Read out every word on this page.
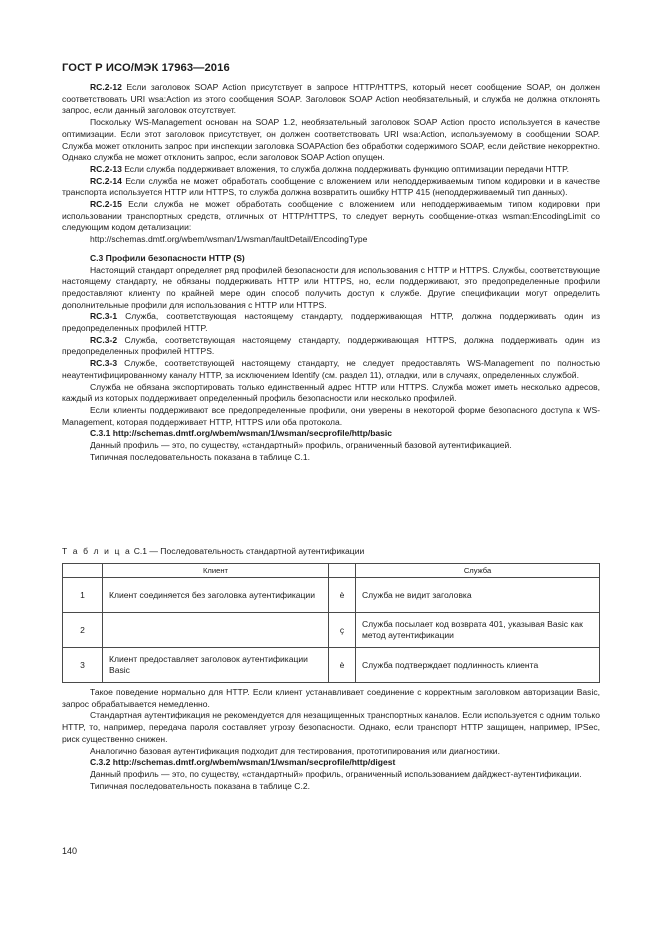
ГОСТ Р ИСО/МЭК 17963—2016

RC.2-12 Если заголовок SOAP Action присутствует в запросе HTTP/HTTPS, который несет сообщение SOAP, он должен соответствовать URI wsa:Action из этого сообщения SOAP. Заголовок SOAP Action необязательный, и служба не должна отклонять запрос, если данный заголовок отсутствует.

Поскольку WS-Management основан на SOAP 1.2, необязательный заголовок SOAP Action просто используется в качестве оптимизации. Если этот заголовок присутствует, он должен соответствовать URI wsa:Action, используемому в сообщении SOAP. Служба может отклонить запрос при инспекции заголовка SOAPAction без обработки содержимого SOAP, если действие некорректно. Однако служба не может отклонить запрос, если заголовок SOAP Action опущен.

RC.2-13 Если служба поддерживает вложения, то служба должна поддерживать функцию оптимизации передачи HTTP.

RC.2-14 Если служба не может обработать сообщение с вложением или неподдерживаемым типом кодировки и в качестве транспорта используется HTTP или HTTPS, то служба должна возвратить ошибку HTTP 415 (неподдерживаемый тип данных).

RC.2-15 Если служба не может обработать сообщение с вложением или неподдерживаемым типом кодировки при использовании транспортных средств, отличных от HTTP/HTTPS, то следует вернуть сообщение-отказ wsman:EncodingLimit со следующим кодом детализации:

http://schemas.dmtf.org/wbem/wsman/1/wsman/faultDetail/EncodingType

С.3 Профили безопасности HTTP (S)

Настоящий стандарт определяет ряд профилей безопасности для использования с HTTP и HTTPS. Службы, соответствующие настоящему стандарту, не обязаны поддерживать HTTP или HTTPS, но, если поддерживают, это предопределенные профили предоставляют клиенту по крайней мере один способ получить доступ к службе. Другие спецификации могут определить дополнительные профили для использования с HTTP или HTTPS.

RC.3-1 Служба, соответствующая настоящему стандарту, поддерживающая HTTP, должна поддерживать один из предопределенных профилей HTTP.

RC.3-2 Служба, соответствующая настоящему стандарту, поддерживающая HTTPS, должна поддерживать один из предопределенных профилей HTTPS.

RC.3-3 Службе, соответствующей настоящему стандарту, не следует предоставлять WS-Management по полностью неаутентифицированному каналу HTTP, за исключением Identify (см. раздел 11), отладки, или в случаях, определенных службой.

Служба не обязана экспортировать только единственный адрес HTTP или HTTPS. Служба может иметь несколько адресов, каждый из которых поддерживает определенный профиль безопасности или несколько профилей.

Если клиенты поддерживают все предопределенные профили, они уверены в некоторой форме безопасного доступа к WS-Management, которая поддерживает HTTP, HTTPS или оба протокола.

С.3.1 http://schemas.dmtf.org/wbem/wsman/1/wsman/secprofile/http/basic

Данный профиль — это, по существу, «стандартный» профиль, ограниченный базовой аутентификацией.

Типичная последовательность показана в таблице С.1.

Т а б л и ц а С.1 — Последовательность стандартной аутентификации
	Клиент		Служба
1	Клиент соединяется без заголовка аутентификации	è	Служба не видит заголовка
2		ç	Служба посылает код возврата 401, указывая Basic как метод аутентификации
3	Клиент предоставляет заголовок аутентификации Basic	è	Служба подтверждает подлинность клиента

Такое поведение нормально для HTTP. Если клиент устанавливает соединение с корректным заголовком авторизации Basic, запрос обрабатывается немедленно.

Стандартная аутентификация не рекомендуется для незащищенных транспортных каналов. Если используется с одним только HTTP, то, например, передача пароля составляет угрозу безопасности. Однако, если транспорт HTTP защищен, например, IPSec, риск существенно снижен.

Аналогично базовая аутентификация подходит для тестирования, прототипирования или диагностики.

С.3.2 http://schemas.dmtf.org/wbem/wsman/1/wsman/secprofile/http/digest

Данный профиль — это, по существу, «стандартный» профиль, ограниченный использованием дайджест-аутентификации.

Типичная последовательность показана в таблице С.2.

140
